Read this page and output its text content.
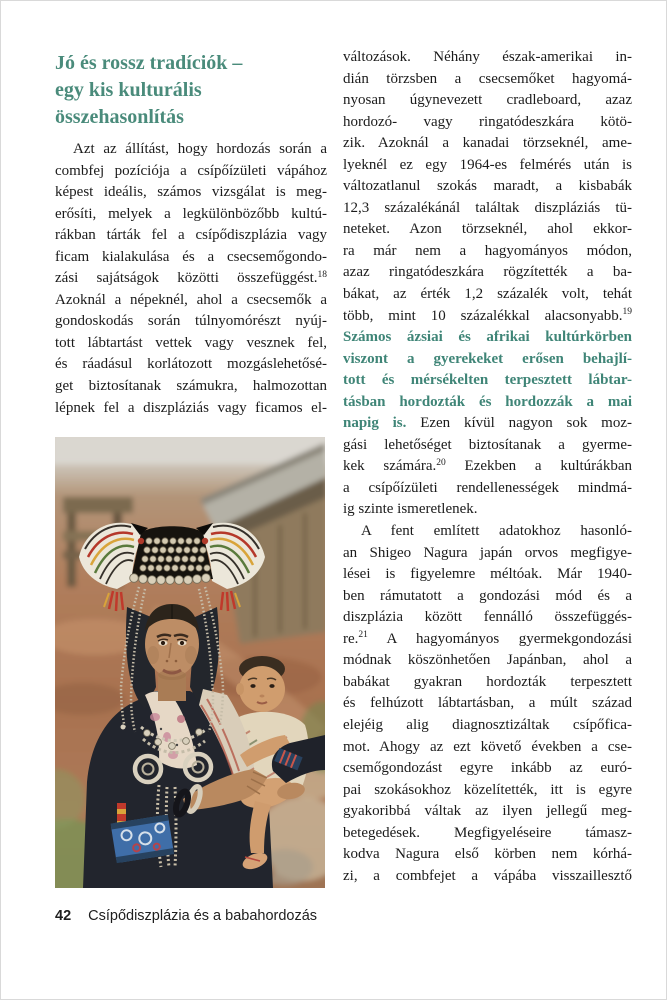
Jó és rossz tradíciók –
egy kis kulturális
összehasonlítás
Azt az állítást, hogy hordozás során a
combfej pozíciója a csípőízületi vápához
képest ideális, számos vizsgálat is meg-
erősíti, melyek a legkülönbözőbb kultú-
rákban tárták fel a csípődiszplázia vagy
ficam kialakulása és a csecsemőgondo-
zási sajátságok közötti összefüggést.$^{18}$
Azoknál a népeknél, ahol a csecsemők a
gondoskodás során túlnyomórészt nyúj-
tott lábtartást vettek vagy vesznek fel,
és ráadásul korlátozott mozgáslehetősé-
get biztosítanak számukra, halmozottan
lépnek fel a diszpláziás vagy ficamos el-
változások. Néhány észak-amerikai in-
dián törzsben a csecsemőket hagyomá-
nyosan úgynevezett cradleboard, azaz
hordozó- vagy ringatódeszkára kötö-
zik. Azoknál a kanadai törzseknél, ame-
lyeknél ez egy 1964-es felmérés után is
változatlanul szokás maradt, a kisbabák
12,3 százalékánál találtak diszpláziás tü-
neteket. Azon törzseknél, ahol ekkor-
ra már nem a hagyományos módon,
azaz ringatódeszkára rögzítették a ba-
bákat, az érték 1,2 százalék volt, tehát
több, mint 10 százalékkal alacsonyabb.$^{19}$
Számos ázsiai és afrikai kultúrkörben
viszont a gyerekeket erősen behajlí-
tott és mérsékelten terpesztett lábtar-
tásban hordozták és hordozzák a mai
napig is. Ezen kívül nagyon sok moz-
gási lehetőséget biztosítanak a gyerme-
kek számára.$^{20}$ Ezekben a kultúrákban
a csípőízületi rendellenességek mindmá-
ig szinte ismeretlenek.
A fent említett adatokhoz hasonló-
an Shigeo Nagura japán orvos megfigye-
lései is figyelemre méltóak. Már 1940-
ben rámutatott a gondozási mód és a
diszplázia között fennálló összefüggés-
re.$^{21}$ A hagyományos gyermekgondozási
módnak köszönhetően Japánban, ahol a
babákat gyakran hordozták terpesztett
és felhúzott lábtartásban, a múlt század
elejéig alig diagnosztizáltak csípőfica-
mot. Ahogy az ezt követő években a cse-
csemőgondozást egyre inkább az euró-
pai szokásokhoz közelítették, itt is egyre
gyakoribbá váltak az ilyen jellegű meg-
betegedések. Megfigyeléseire támasz-
kodva Nagura első körben nem kórhá-
zi, a combfejet a vápába visszaillesztő
42 Csípődiszplázia és a babahordozás
